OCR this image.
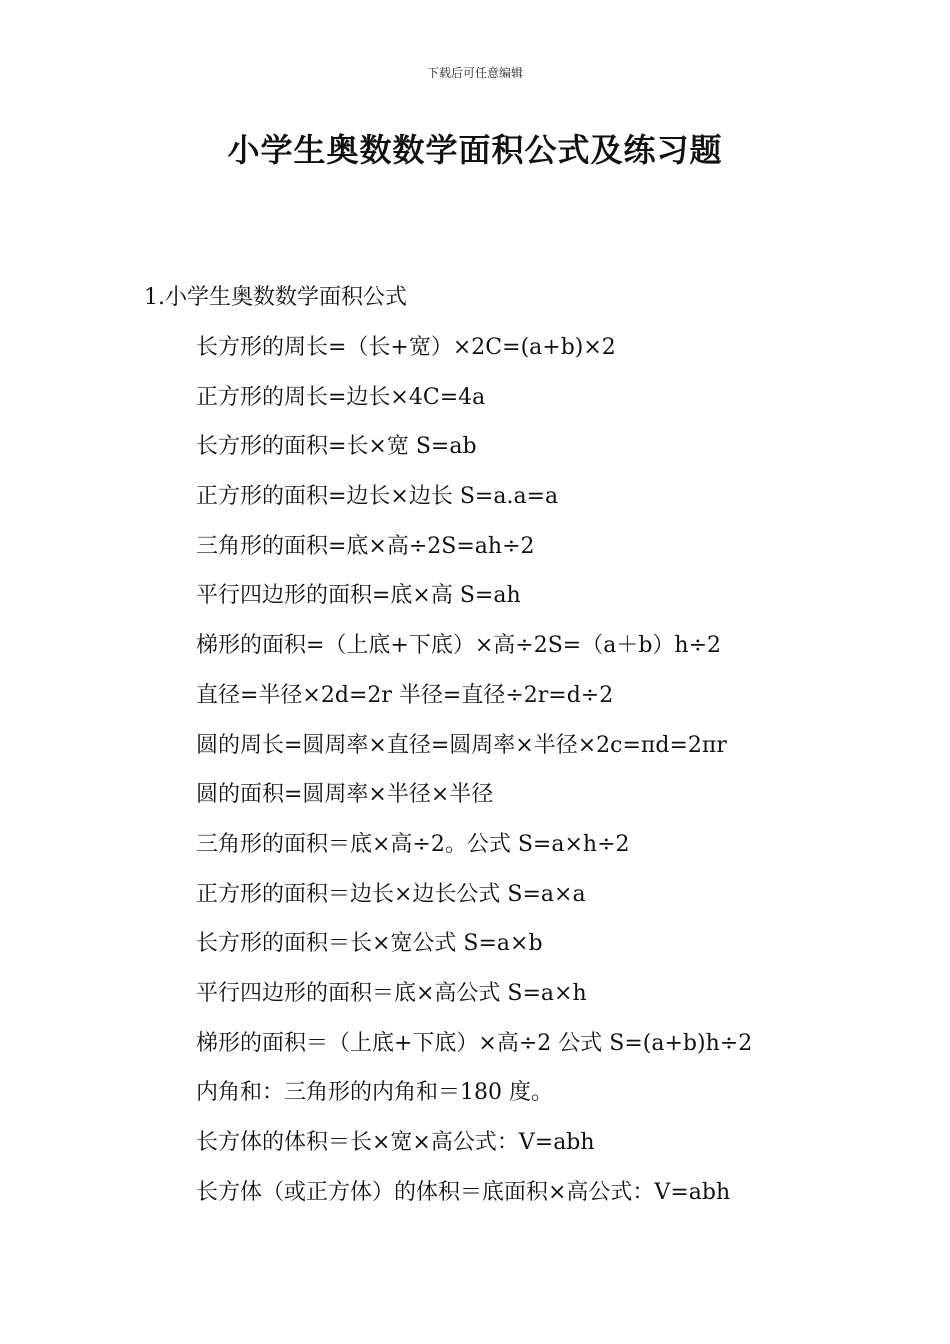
下载后可任意编辑
小学生奥数数学面积公式及练习题
1.小学生奥数数学面积公式
长方形的周长=（长+宽）×2C=(a+b)×2
正方形的周长=边长×4C=4a
长方形的面积=长×宽 S=ab
正方形的面积=边长×边长 S=a.a=a
三角形的面积=底×高÷2S=ah÷2
平行四边形的面积=底×高 S=ah
梯形的面积=（上底+下底）×高÷2S=（a＋b）h÷2
直径=半径×2d=2r 半径=直径÷2r=d÷2
圆的周长=圆周率×直径=圆周率×半径×2c=πd=2πr
圆的面积=圆周率×半径×半径
三角形的面积＝底×高÷2。公式 S=a×h÷2
正方形的面积＝边长×边长公式 S=a×a
长方形的面积＝长×宽公式 S=a×b
平行四边形的面积＝底×高公式 S=a×h
梯形的面积＝（上底+下底）×高÷2 公式 S=(a+b)h÷2
内角和：三角形的内角和＝180 度。
长方体的体积＝长×宽×高公式：V=abh
长方体（或正方体）的体积＝底面积×高公式：V=abh
